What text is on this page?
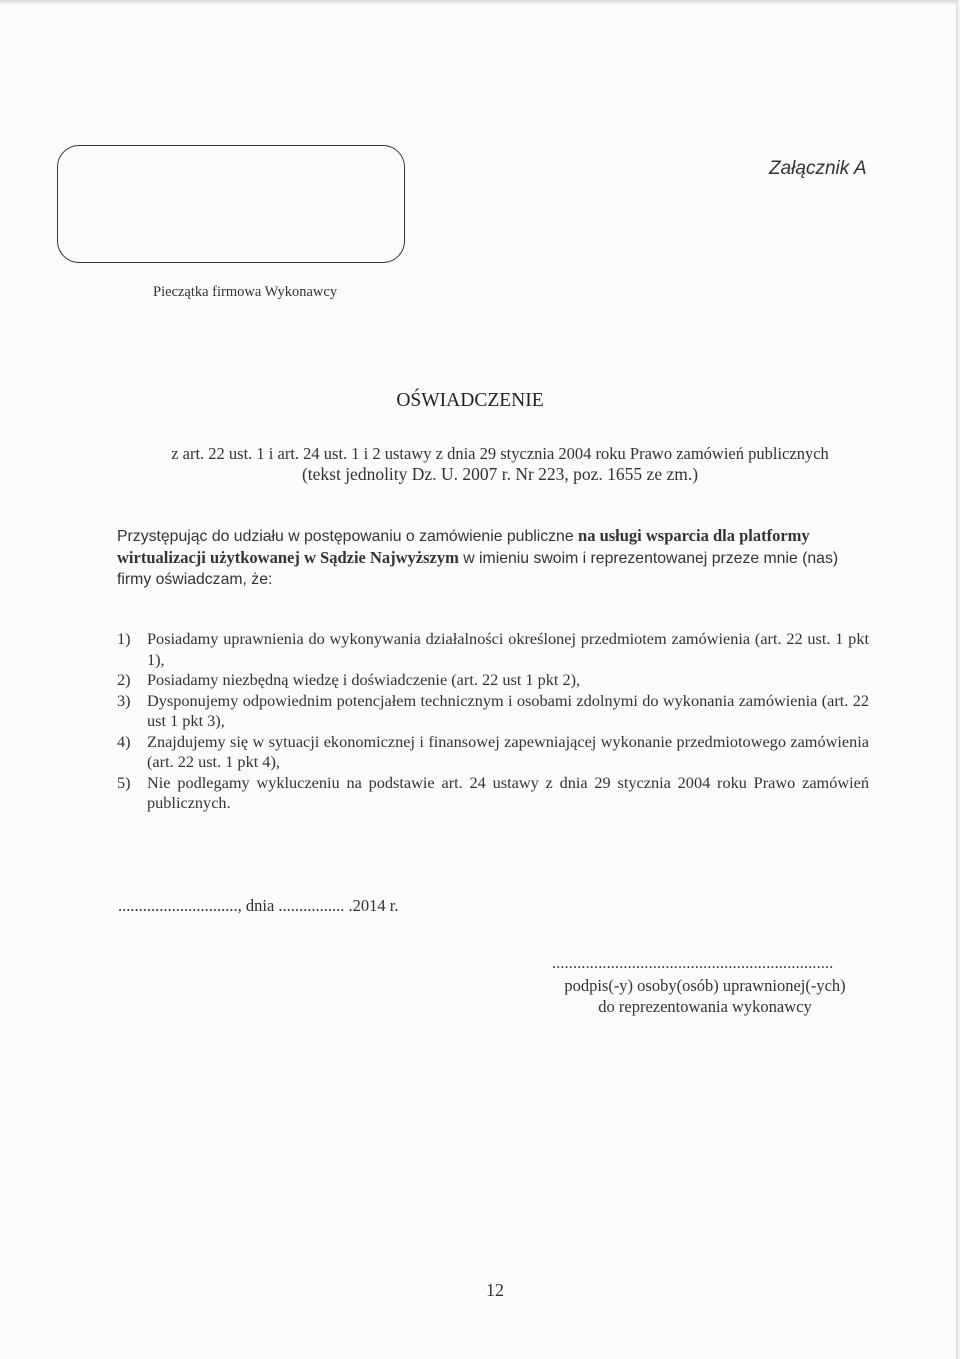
Załącznik A
Pieczątka firmowa Wykonawcy
OŚWIADCZENIE
z art. 22 ust. 1 i art. 24 ust. 1 i 2 ustawy z dnia 29 stycznia 2004 roku Prawo zamówień publicznych
(tekst jednolity Dz. U. 2007 r. Nr 223, poz. 1655 ze zm.)
Przystępując do udziału w postępowaniu o zamówienie publiczne na usługi wsparcia dla platformy wirtualizacji użytkowanej w Sądzie Najwyższym w imieniu swoim i reprezentowanej przeze mnie (nas) firmy oświadczam, że:
1) Posiadamy uprawnienia do wykonywania działalności określonej przedmiotem zamówienia (art. 22 ust. 1 pkt 1),
2) Posiadamy niezbędną wiedzę i doświadczenie (art. 22 ust 1 pkt 2),
3) Dysponujemy odpowiednim potencjałem technicznym i osobami zdolnymi do wykonania zamówienia (art. 22 ust 1 pkt 3),
4) Znajdujemy się w sytuacji ekonomicznej i finansowej zapewniającej wykonanie przedmiotowego zamówienia (art. 22 ust. 1 pkt 4),
5) Nie podlegamy wykluczeniu na podstawie art. 24 ustawy z dnia 29 stycznia 2004 roku Prawo zamówień publicznych.
............................., dnia ................ .2014 r.
...................................................................
podpis(-y) osoby(osób) uprawnionej(-ych)
do reprezentowania wykonawcy
12
